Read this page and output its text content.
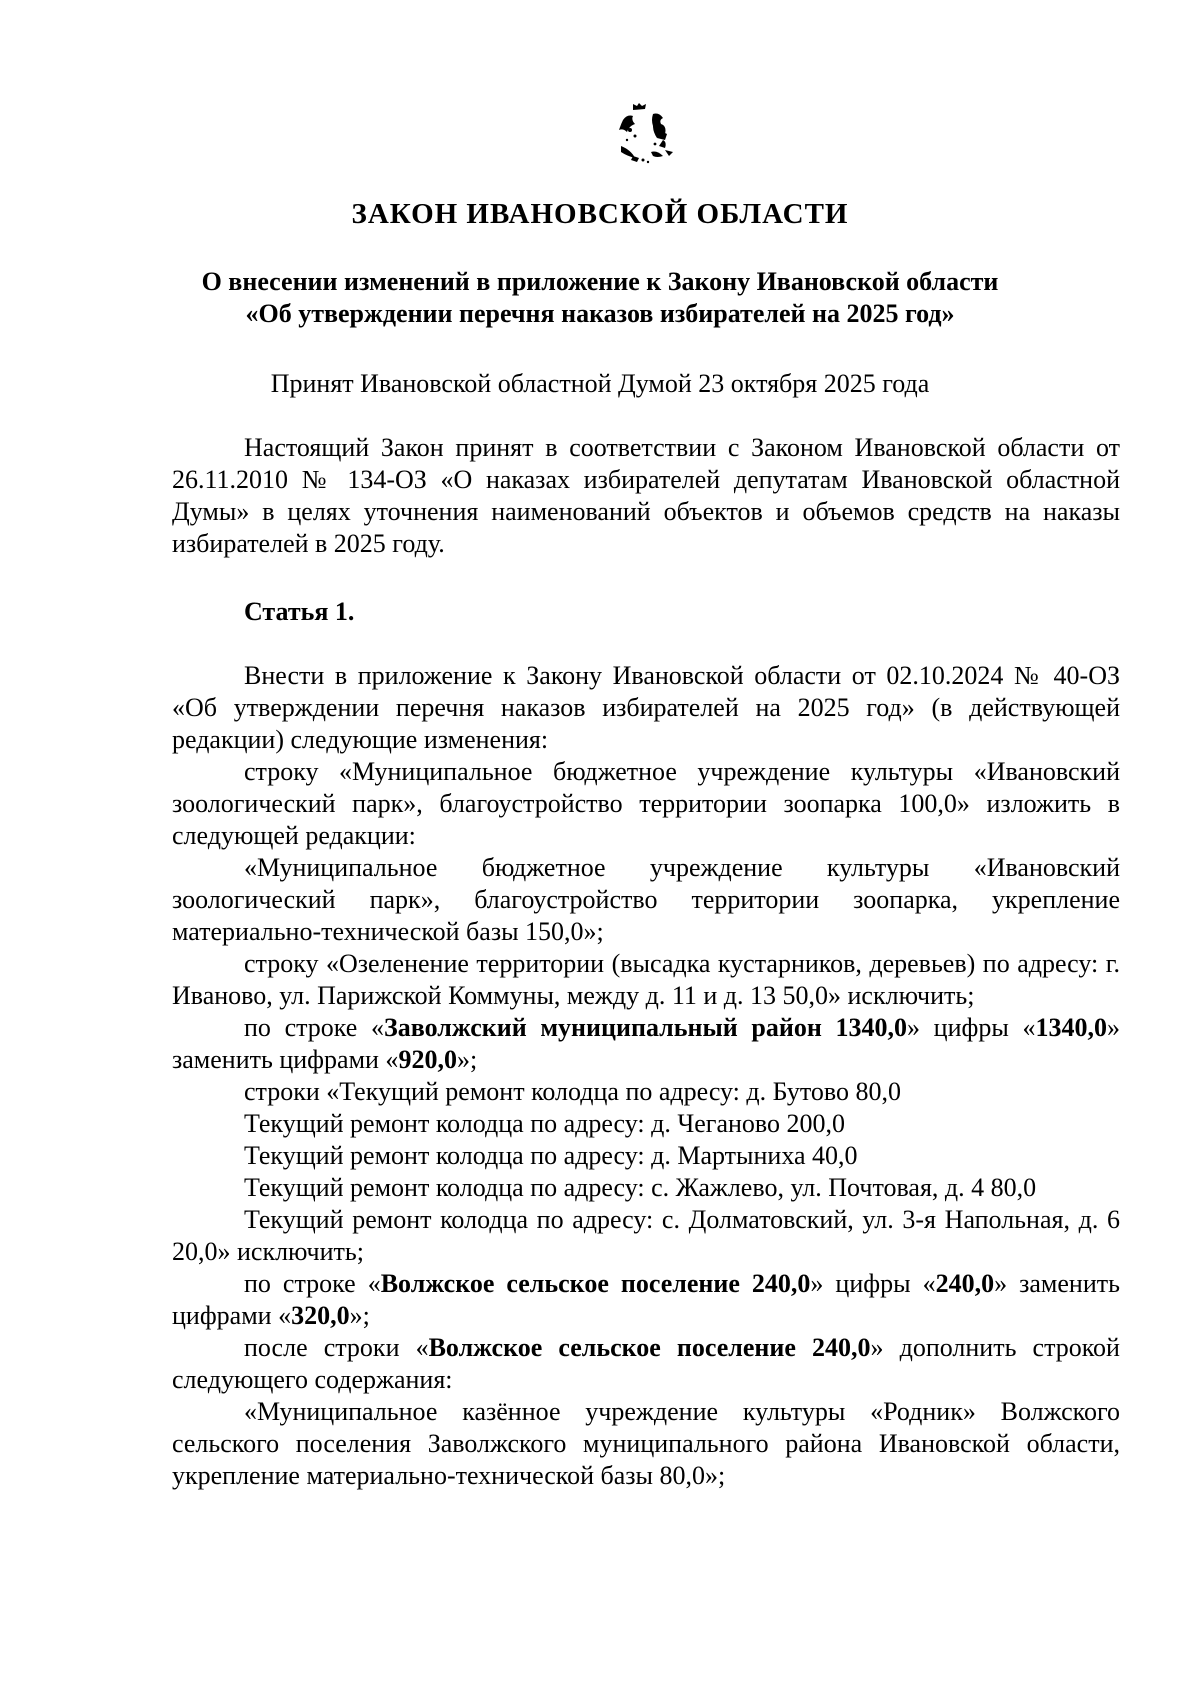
ЗАКОН ИВАНОВСКОЙ ОБЛАСТИ
О внесении изменений в приложение к Закону Ивановской области
«Об утверждении перечня наказов избирателей на 2025 год»
Принят Ивановской областной Думой 23 октября 2025 года

Настоящий Закон принят в соответствии с Законом Ивановской области от 26.11.2010 № 134-ОЗ «О наказах избирателей депутатам Ивановской областной Думы» в целях уточнения наименований объектов и объемов средств на наказы избирателей в 2025 году.

Статья 1.

Внести в приложение к Закону Ивановской области от 02.10.2024 № 40-ОЗ «Об утверждении перечня наказов избирателей на 2025 год» (в действующей редакции) следующие изменения:

строку «Муниципальное бюджетное учреждение культуры «Ивановский зоологический парк», благоустройство территории зоопарка 100,0» изложить в следующей редакции:

«Муниципальное бюджетное учреждение культуры «Ивановский зоологический парк», благоустройство территории зоопарка, укрепление материально-технической базы 150,0»;

строку «Озеленение территории (высадка кустарников, деревьев) по адресу: г. Иваново, ул. Парижской Коммуны, между д. 11 и д. 13 50,0» исключить;

по строке «Заволжский муниципальный район 1340,0» цифры «1340,0» заменить цифрами «920,0»;

строки «Текущий ремонт колодца по адресу: д. Бутово 80,0

Текущий ремонт колодца по адресу: д. Чеганово 200,0

Текущий ремонт колодца по адресу: д. Мартыниха 40,0

Текущий ремонт колодца по адресу: с. Жажлево, ул. Почтовая, д. 4 80,0

Текущий ремонт колодца по адресу: с. Долматовский, ул. 3-я Напольная, д. 6 20,0» исключить;

по строке «Волжское сельское поселение 240,0» цифры «240,0» заменить цифрами «320,0»;

после строки «Волжское сельское поселение 240,0» дополнить строкой следующего содержания:

«Муниципальное казённое учреждение культуры «Родник» Волжского сельского поселения Заволжского муниципального района Ивановской области, укрепление материально-технической базы 80,0»;
